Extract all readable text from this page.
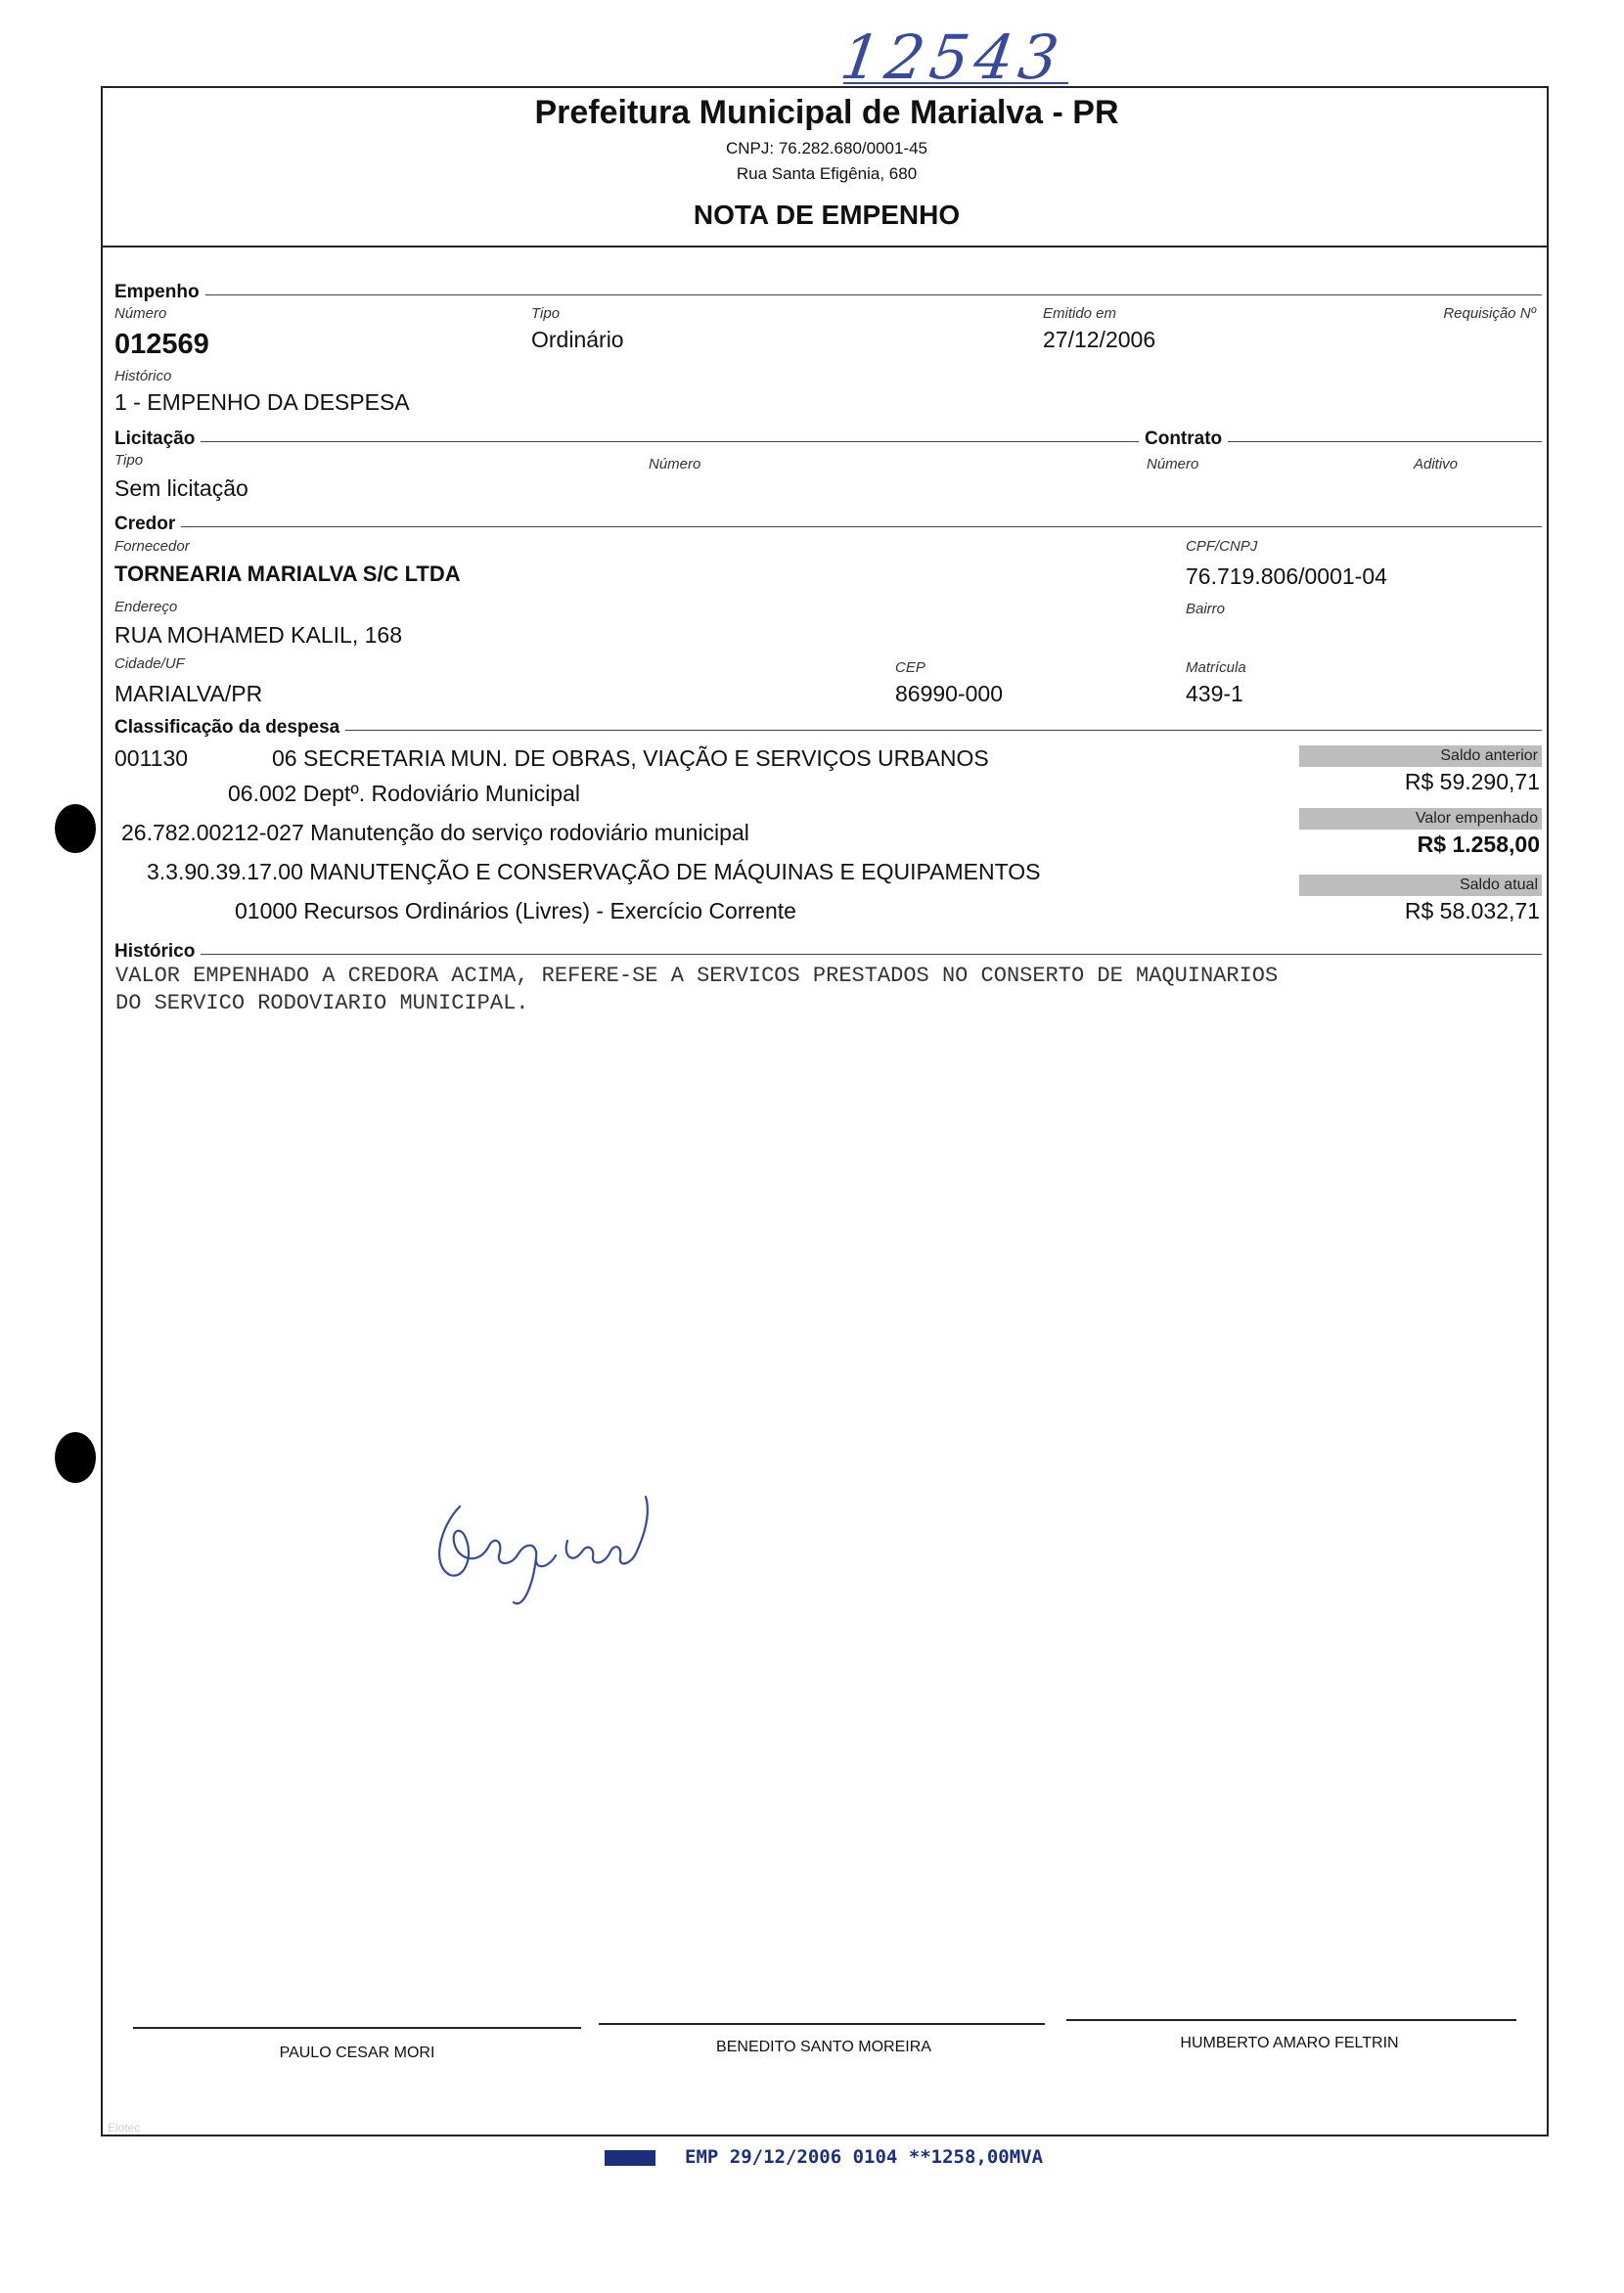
12543
Prefeitura Municipal de Marialva - PR
CNPJ: 76.282.680/0001-45
Rua Santa Efigênia, 680
NOTA DE EMPENHO
Empenho
Número
012569
Tipo
Ordinário
Emitido em
27/12/2006
Requisição Nº
Histórico
1 - EMPENHO DA DESPESA
Licitação	Contrato
Tipo
Sem licitação
Número	Número	Aditivo
Credor
Fornecedor
TORNEARIA MARIALVA S/C LTDA
CPF/CNPJ
76.719.806/0001-04
Endereço
RUA MOHAMED KALIL, 168
Bairro
Cidade/UF
MARIALVA/PR
CEP
86990-000
Matrícula
439-1
Classificação da despesa
001130	06 SECRETARIA MUN. DE OBRAS, VIAÇÃO E SERVIÇOS URBANOS
06.002 Deptº. Rodoviário Municipal
26.782.00212-027 Manutenção do serviço rodoviário municipal
3.3.90.39.17.00 MANUTENÇÃO E CONSERVAÇÃO DE MÁQUINAS E EQUIPAMENTOS
01000 Recursos Ordinários (Livres) - Exercício Corrente
Saldo anterior
R$ 59.290,71
Valor empenhado
R$ 1.258,00
Saldo atual
R$ 58.032,71
Histórico
VALOR EMPENHADO A CREDORA ACIMA, REFERE-SE A SERVICOS PRESTADOS NO CONSERTO DE MAQUINARIOS
DO SERVICO RODOVIARIO MUNICIPAL.
PAULO CESAR MORI	BENEDITO SANTO MOREIRA	HUMBERTO AMARO FELTRIN
Elotec
EMP 29/12/2006 0104 **1258,00MVA
